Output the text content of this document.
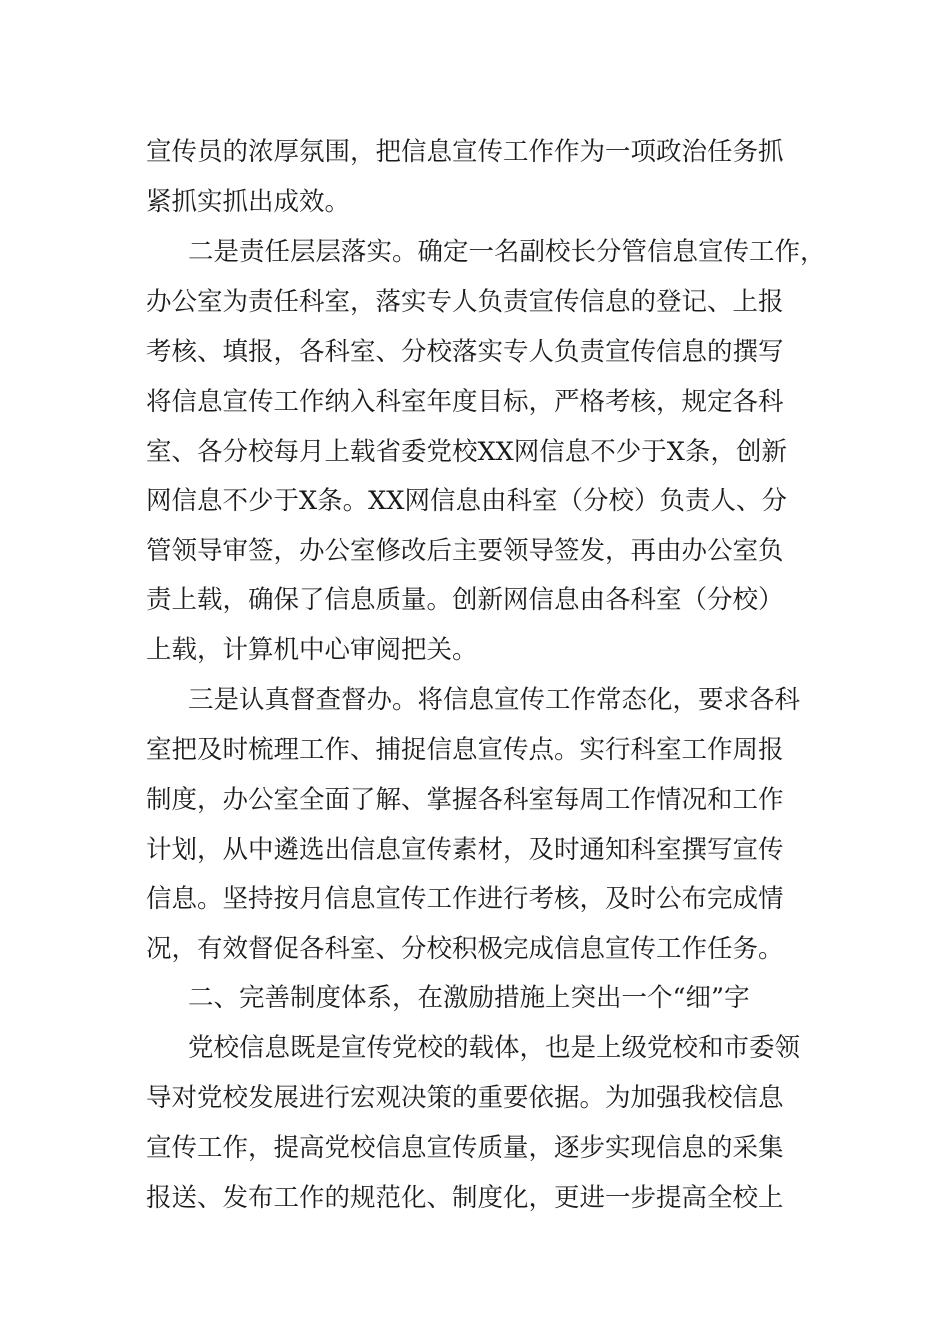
宣传员的浓厚氛围，把信息宣传工作作为一项政治任务抓

紧抓实抓出成效。

二是责任层层落实。确定一名副校长分管信息宣传工作，

办公室为责任科室，落实专人负责宣传信息的登记、上报

考核、填报，各科室、分校落实专人负责宣传信息的撰写

将信息宣传工作纳入科室年度目标，严格考核，规定各科

室、各分校每月上载省委党校XX网信息不少于X条，创新

网信息不少于X条。XX网信息由科室（分校）负责人、分

管领导审签，办公室修改后主要领导签发，再由办公室负

责上载，确保了信息质量。创新网信息由各科室（分校）

上载，计算机中心审阅把关。

三是认真督查督办。将信息宣传工作常态化，要求各科

室把及时梳理工作、捕捉信息宣传点。实行科室工作周报

制度，办公室全面了解、掌握各科室每周工作情况和工作

计划，从中遴选出信息宣传素材，及时通知科室撰写宣传

信息。坚持按月信息宣传工作进行考核，及时公布完成情

况，有效督促各科室、分校积极完成信息宣传工作任务。

二、完善制度体系，在激励措施上突出一个“细”字

党校信息既是宣传党校的载体，也是上级党校和市委领

导对党校发展进行宏观决策的重要依据。为加强我校信息

宣传工作，提高党校信息宣传质量，逐步实现信息的采集

报送、发布工作的规范化、制度化，更进一步提高全校上
